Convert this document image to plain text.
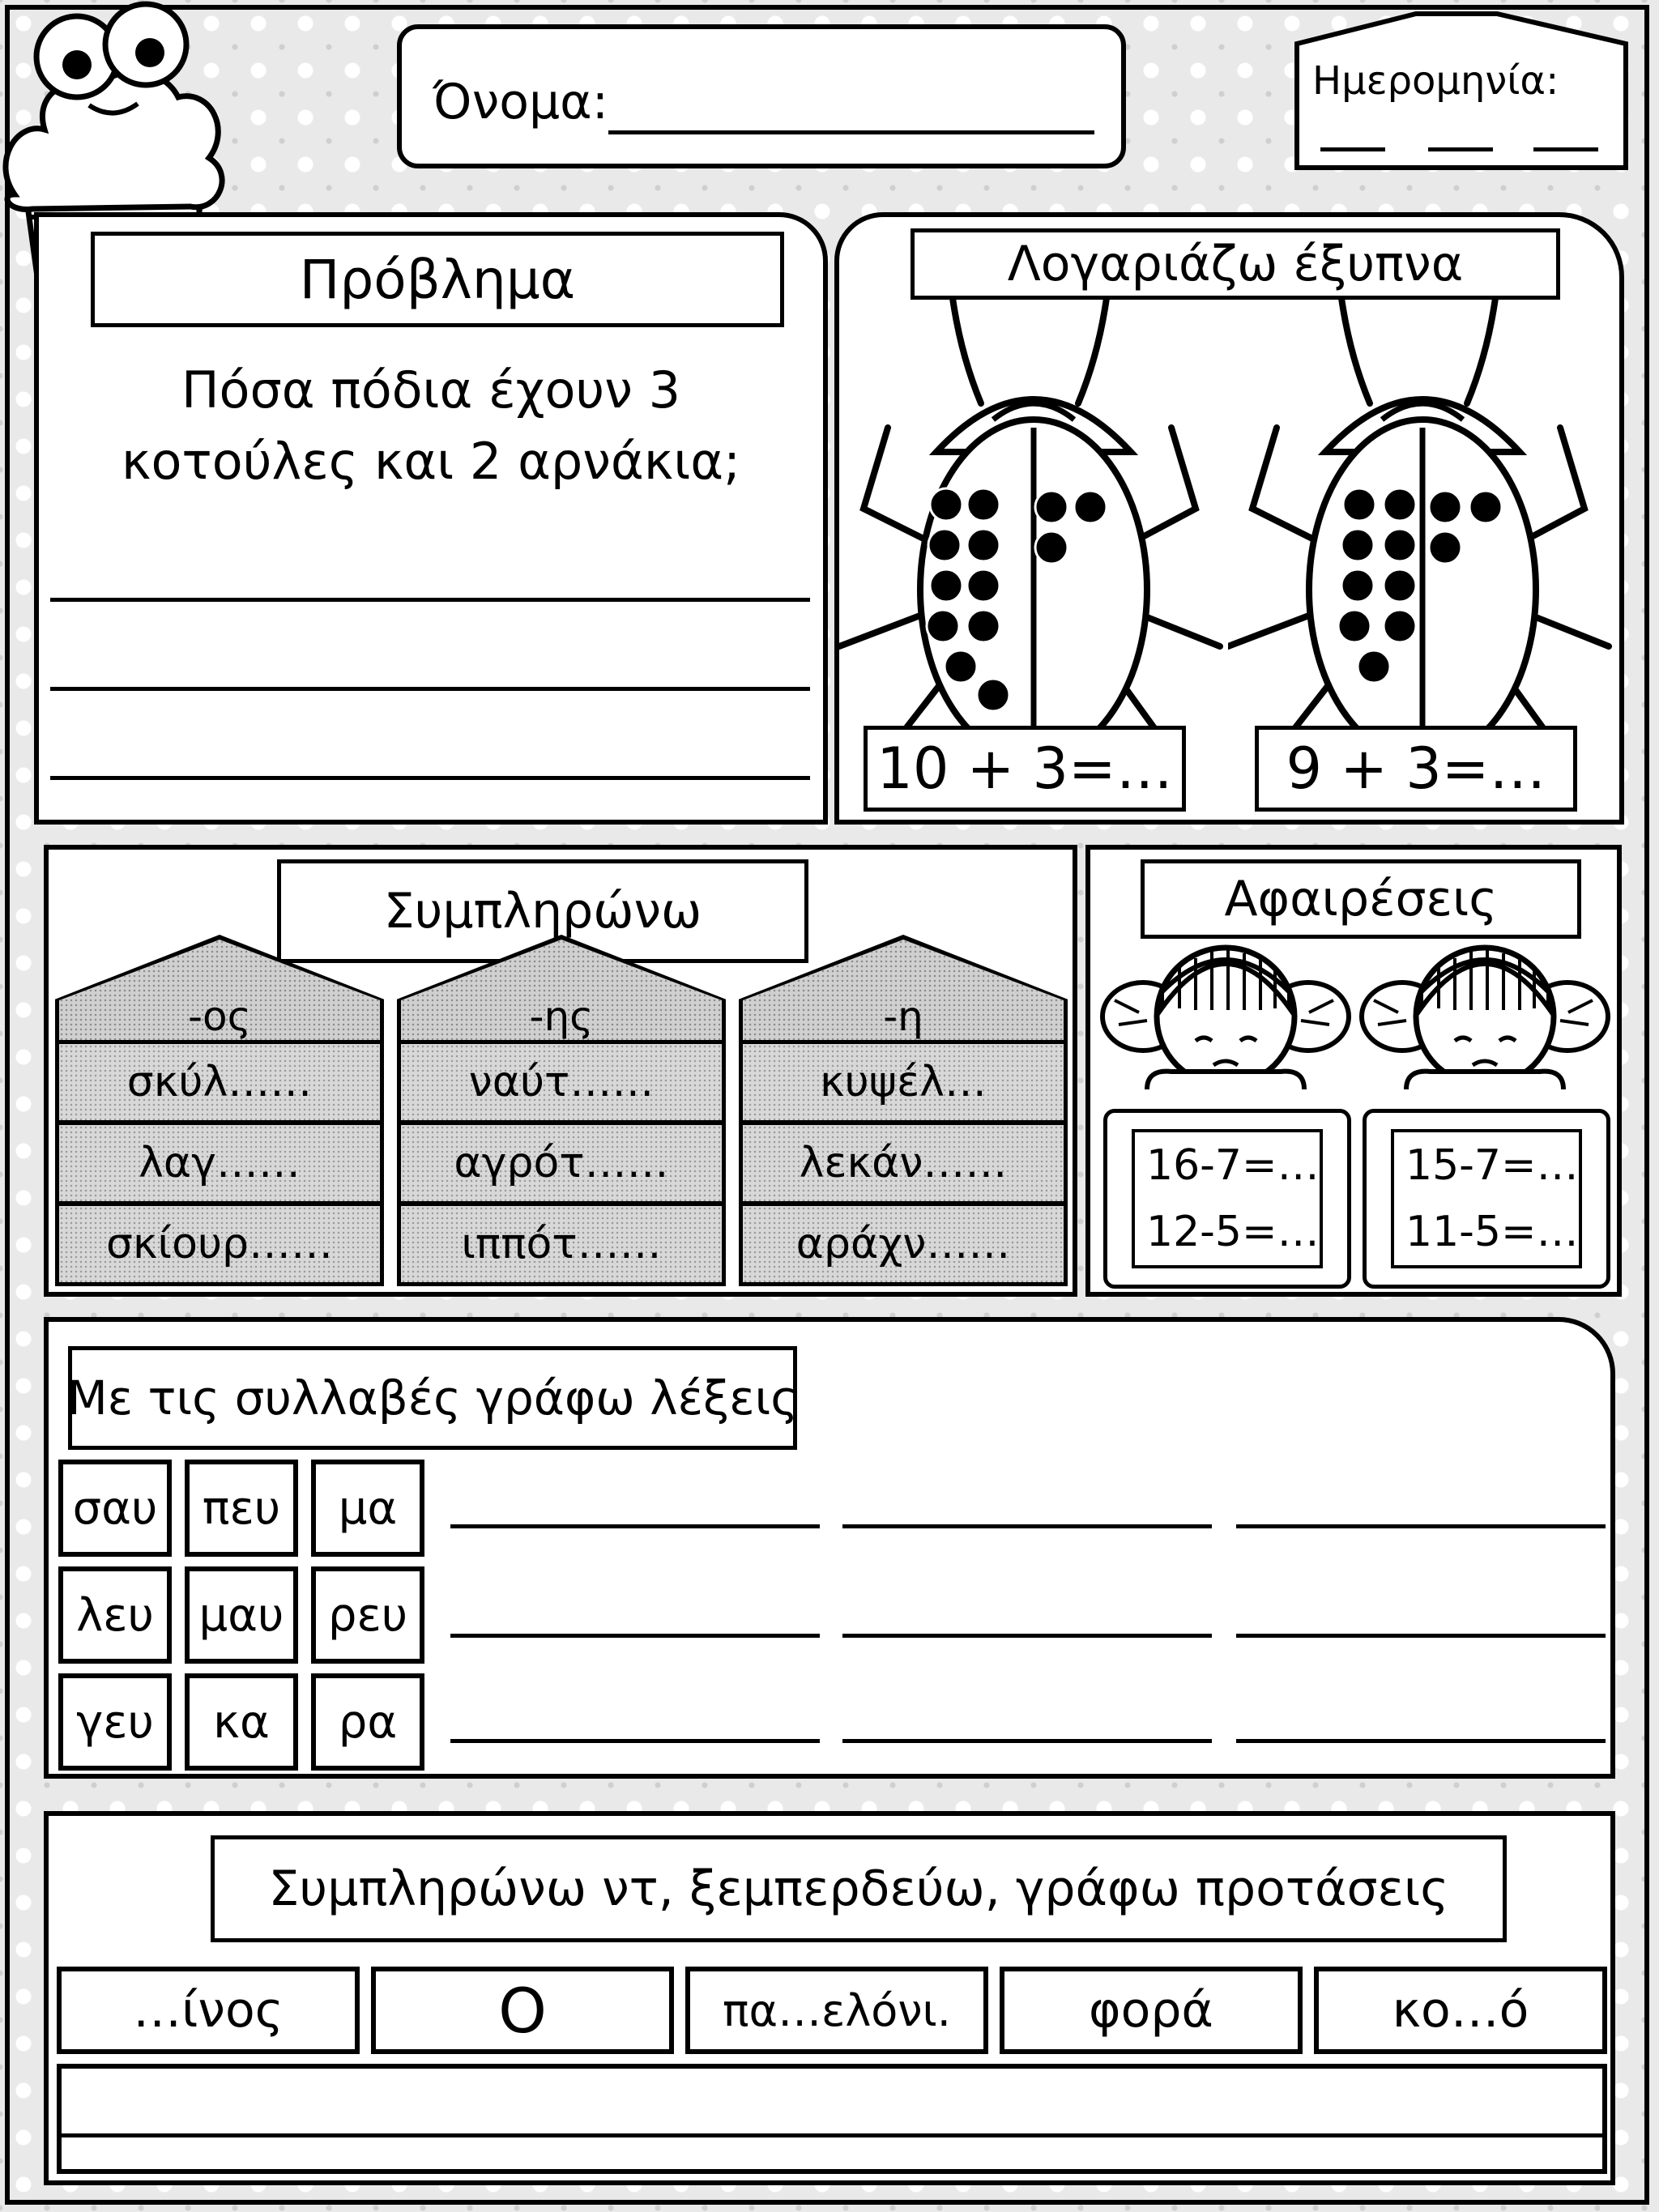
Όνομα:	Ημερομηνία:
Πρόβλημα
Πόσα πόδια έχουν 3
κοτούλες και 2 αρνάκια;
Λογαριάζω έξυπνα
10 + 3=… 9 + 3=…
Συμπληρώνω
-ος
σκύλ……
λαγ……
σκίουρ……
-ης
ναύτ……
αγρότ……
ιππότ……
-η
κυψέλ…
λεκάν……
αράχν……
Αφαιρέσεις
16-7=…
12-5=…
15-7=…
11-5=…
Με τις συλλαβές γράφω λέξεις
σαυ πευ	μα
λευ μαυ ρευ
γευ	κα	ρα
Συμπληρώνω ντ, ξεμπερδεύω, γράφω προτάσεις
…ίνος	Ο	πα…ελόνι.	φορά	κο…ό
